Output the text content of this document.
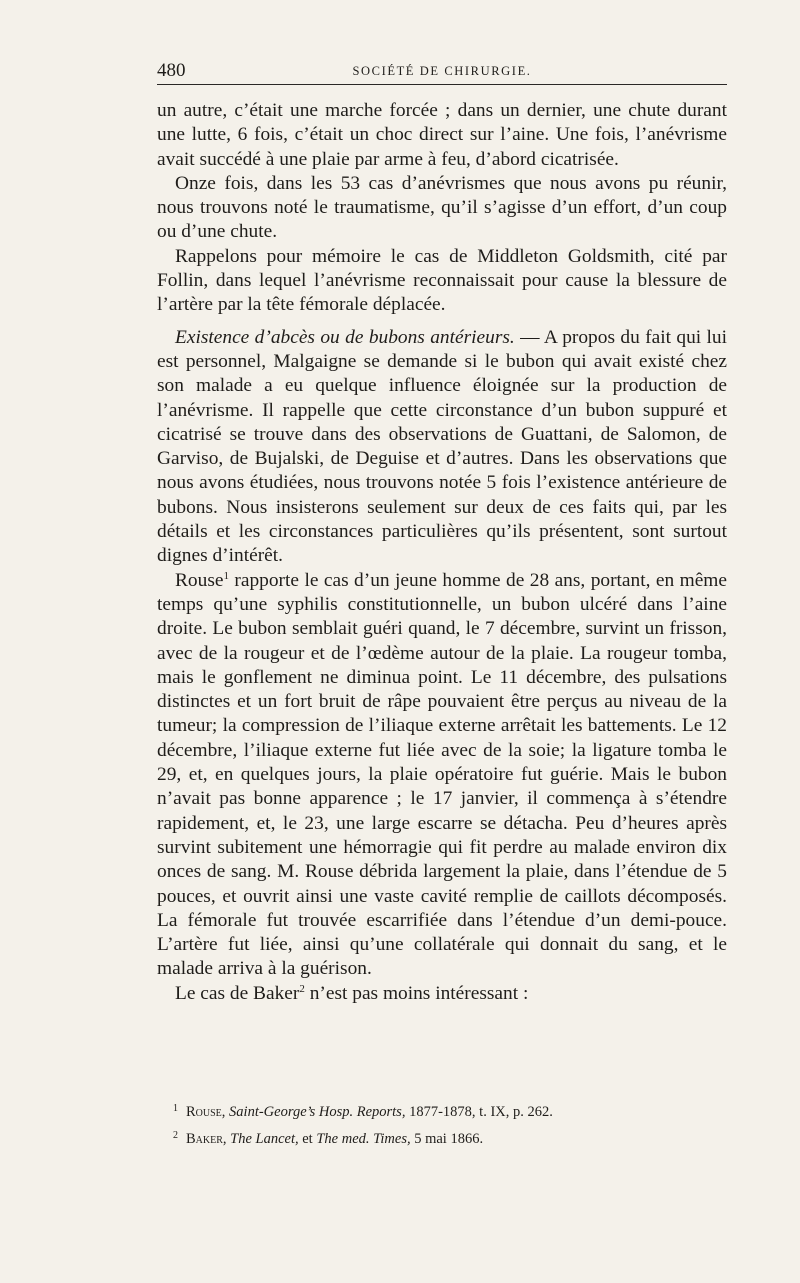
480	SOCIÉTÉ DE CHIRURGIE.

un autre, c’était une marche forcée ; dans un dernier, une chute durant une lutte, 6 fois, c’était un choc direct sur l’aine. Une fois, l’anévrisme avait succédé à une plaie par arme à feu, d’abord cicatrisée.

Onze fois, dans les 53 cas d’anévrismes que nous avons pu réunir, nous trouvons noté le traumatisme, qu’il s’agisse d’un effort, d’un coup ou d’une chute.

Rappelons pour mémoire le cas de Middleton Goldsmith, cité par Follin, dans lequel l’anévrisme reconnaissait pour cause la blessure de l’artère par la tête fémorale déplacée.

Existence d’abcès ou de bubons antérieurs. — A propos du fait qui lui est personnel, Malgaigne se demande si le bubon qui avait existé chez son malade a eu quelque influence éloignée sur la production de l’anévrisme. Il rappelle que cette circonstance d’un bubon suppuré et cicatrisé se trouve dans des observations de Guattani, de Salomon, de Garviso, de Bujalski, de Deguise et d’autres. Dans les observations que nous avons étudiées, nous trouvons notée 5 fois l’existence antérieure de bubons. Nous insisterons seulement sur deux de ces faits qui, par les détails et les circonstances particulières qu’ils présentent, sont surtout dignes d’intérêt.

Rouse$^1$ rapporte le cas d’un jeune homme de 28 ans, portant, en même temps qu’une syphilis constitutionnelle, un bubon ulcéré dans l’aine droite. Le bubon semblait guéri quand, le 7 décembre, survint un frisson, avec de la rougeur et de l’œdème autour de la plaie. La rougeur tomba, mais le gonflement ne diminua point. Le 11 décembre, des pulsations distinctes et un fort bruit de râpe pouvaient être perçus au niveau de la tumeur; la compression de l’iliaque externe arrêtait les battements. Le 12 décembre, l’iliaque externe fut liée avec de la soie; la ligature tomba le 29, et, en quelques jours, la plaie opératoire fut guérie. Mais le bubon n’avait pas bonne apparence ; le 17 janvier, il commença à s’étendre rapidement, et, le 23, une large escarre se détacha. Peu d’heures après survint subitement une hémorragie qui fit perdre au malade environ dix onces de sang. M. Rouse débrida largement la plaie, dans l’étendue de 5 pouces, et ouvrit ainsi une vaste cavité remplie de caillots décomposés. La fémorale fut trouvée escarrifiée dans l’étendue d’un demi-pouce. L’artère fut liée, ainsi qu’une collatérale qui donnait du sang, et le malade arriva à la guérison.

Le cas de Baker$^2$ n’est pas moins intéressant :

$^1$ Rouse, Saint-George’s Hosp. Reports, 1877-1878, t. IX, p. 262.
$^2$ Baker, The Lancet, et The med. Times, 5 mai 1866.
